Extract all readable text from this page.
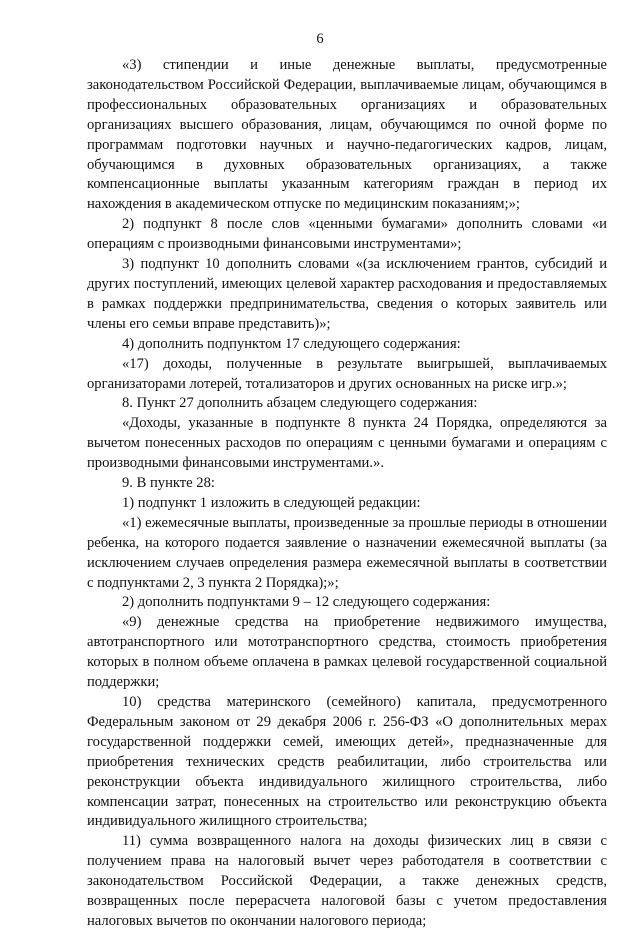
6

«3) стипендии и иные денежные выплаты, предусмотренные законодательством Российской Федерации, выплачиваемые лицам, обучающимся в профессиональных образовательных организациях и образовательных организациях высшего образования, лицам, обучающимся по очной форме по программам подготовки научных и научно-педагогических кадров, лицам, обучающимся в духовных образовательных организациях, а также компенсационные выплаты указанным категориям граждан в период их нахождения в академическом отпуске по медицинским показаниям;»;

2) подпункт 8 после слов «ценными бумагами» дополнить словами «и операциям с производными финансовыми инструментами»;

3) подпункт 10 дополнить словами «(за исключением грантов, субсидий и других поступлений, имеющих целевой характер расходования и предоставляемых в рамках поддержки предпринимательства, сведения о которых заявитель или члены его семьи вправе представить)»;

4) дополнить подпунктом 17 следующего содержания:

«17) доходы, полученные в результате выигрышей, выплачиваемых организаторами лотерей, тотализаторов и других основанных на риске игр.»;

8. Пункт 27 дополнить абзацем следующего содержания:

«Доходы, указанные в подпункте 8 пункта 24 Порядка, определяются за вычетом понесенных расходов по операциям с ценными бумагами и операциям с производными финансовыми инструментами.».

9. В пункте 28:

1) подпункт 1 изложить в следующей редакции:

«1) ежемесячные выплаты, произведенные за прошлые периоды в отношении ребенка, на которого подается заявление о назначении ежемесячной выплаты (за исключением случаев определения размера ежемесячной выплаты в соответствии с подпунктами 2, 3 пункта 2 Порядка);»;

2) дополнить подпунктами 9 – 12 следующего содержания:

«9) денежные средства на приобретение недвижимого имущества, автотранспортного или мототранспортного средства, стоимость приобретения которых в полном объеме оплачена в рамках целевой государственной социальной поддержки;

10) средства материнского (семейного) капитала, предусмотренного Федеральным законом от 29 декабря 2006 г. 256-ФЗ «О дополнительных мерах государственной поддержки семей, имеющих детей», предназначенные для приобретения технических средств реабилитации, либо строительства или реконструкции объекта индивидуального жилищного строительства, либо компенсации затрат, понесенных на строительство или реконструкцию объекта индивидуального жилищного строительства;

11) сумма возвращенного налога на доходы физических лиц в связи с получением права на налоговый вычет через работодателя в соответствии с законодательством Российской Федерации, а также денежных средств, возвращенных после перерасчета налоговой базы с учетом предоставления налоговых вычетов по окончании налогового периода;
